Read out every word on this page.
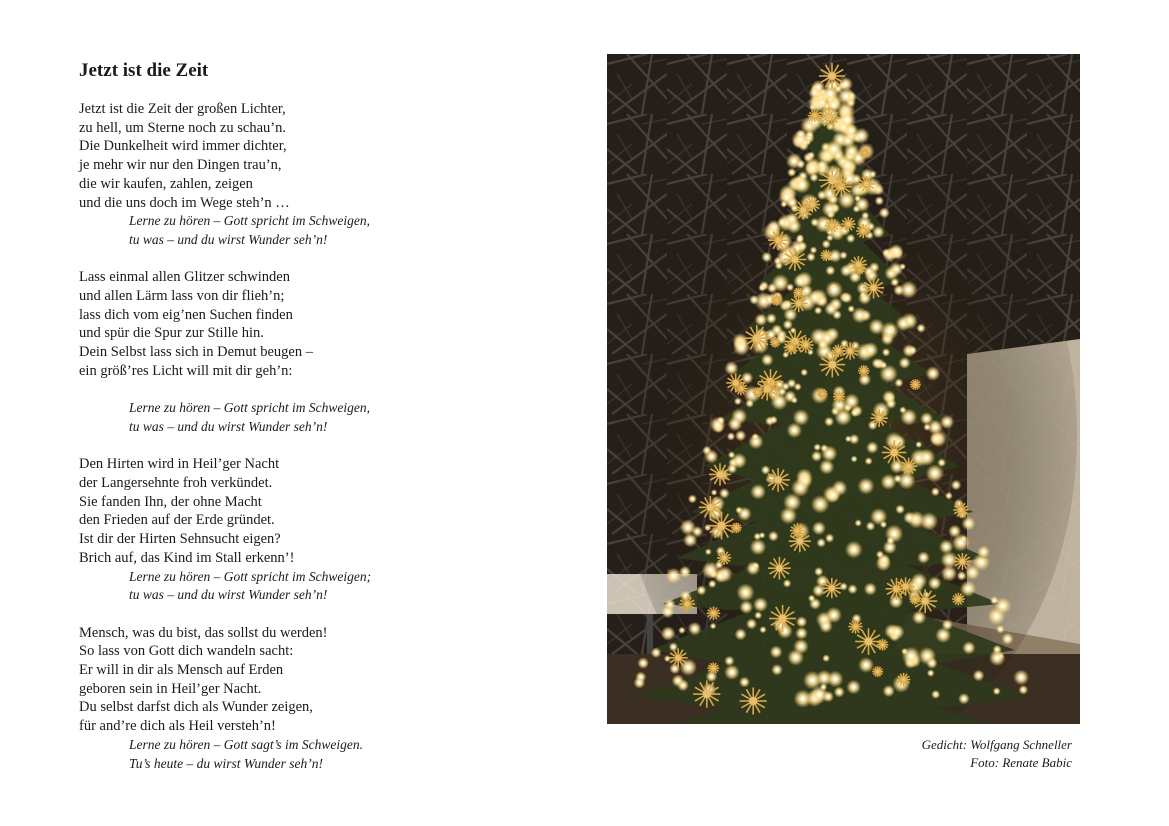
Jetzt ist die Zeit
Jetzt ist die Zeit der großen Lichter,
zu hell, um Sterne noch zu schau’n.
Die Dunkelheit wird immer dichter,
je mehr wir nur den Dingen trau’n,
die wir kaufen, zahlen, zeigen
und die uns doch im Wege steh’n …
Lerne zu hören – Gott spricht im Schweigen,
tu was – und du wirst Wunder seh’n!
Lass einmal allen Glitzer schwinden
und allen Lärm lass von dir flieh’n;
lass dich vom eig’nen Suchen finden
und spür die Spur zur Stille hin.
Dein Selbst lass sich in Demut beugen –
ein größ’res Licht will mit dir geh’n:
Lerne zu hören – Gott spricht im Schweigen,
tu was – und du wirst Wunder seh’n!
Den Hirten wird in Heil’ger Nacht
der Langersehnte froh verkündet.
Sie fanden Ihn, der ohne Macht
den Frieden auf der Erde gründet.
Ist dir der Hirten Sehnsucht eigen?
Brich auf, das Kind im Stall erkenn’!
Lerne zu hören – Gott spricht im Schweigen;
tu was – und du wirst Wunder seh’n!
Mensch, was du bist, das sollst du werden!
So lass von Gott dich wandeln sacht:
Er will in dir als Mensch auf Erden
geboren sein in Heil’ger Nacht.
Du selbst darfst dich als Wunder zeigen,
für and’re dich als Heil versteh’n!
Lerne zu hören – Gott sagt’s im Schweigen.
Tu’s heute – du wirst Wunder seh’n!
Gedicht: Wolfgang Schneller
Foto: Renate Babic
